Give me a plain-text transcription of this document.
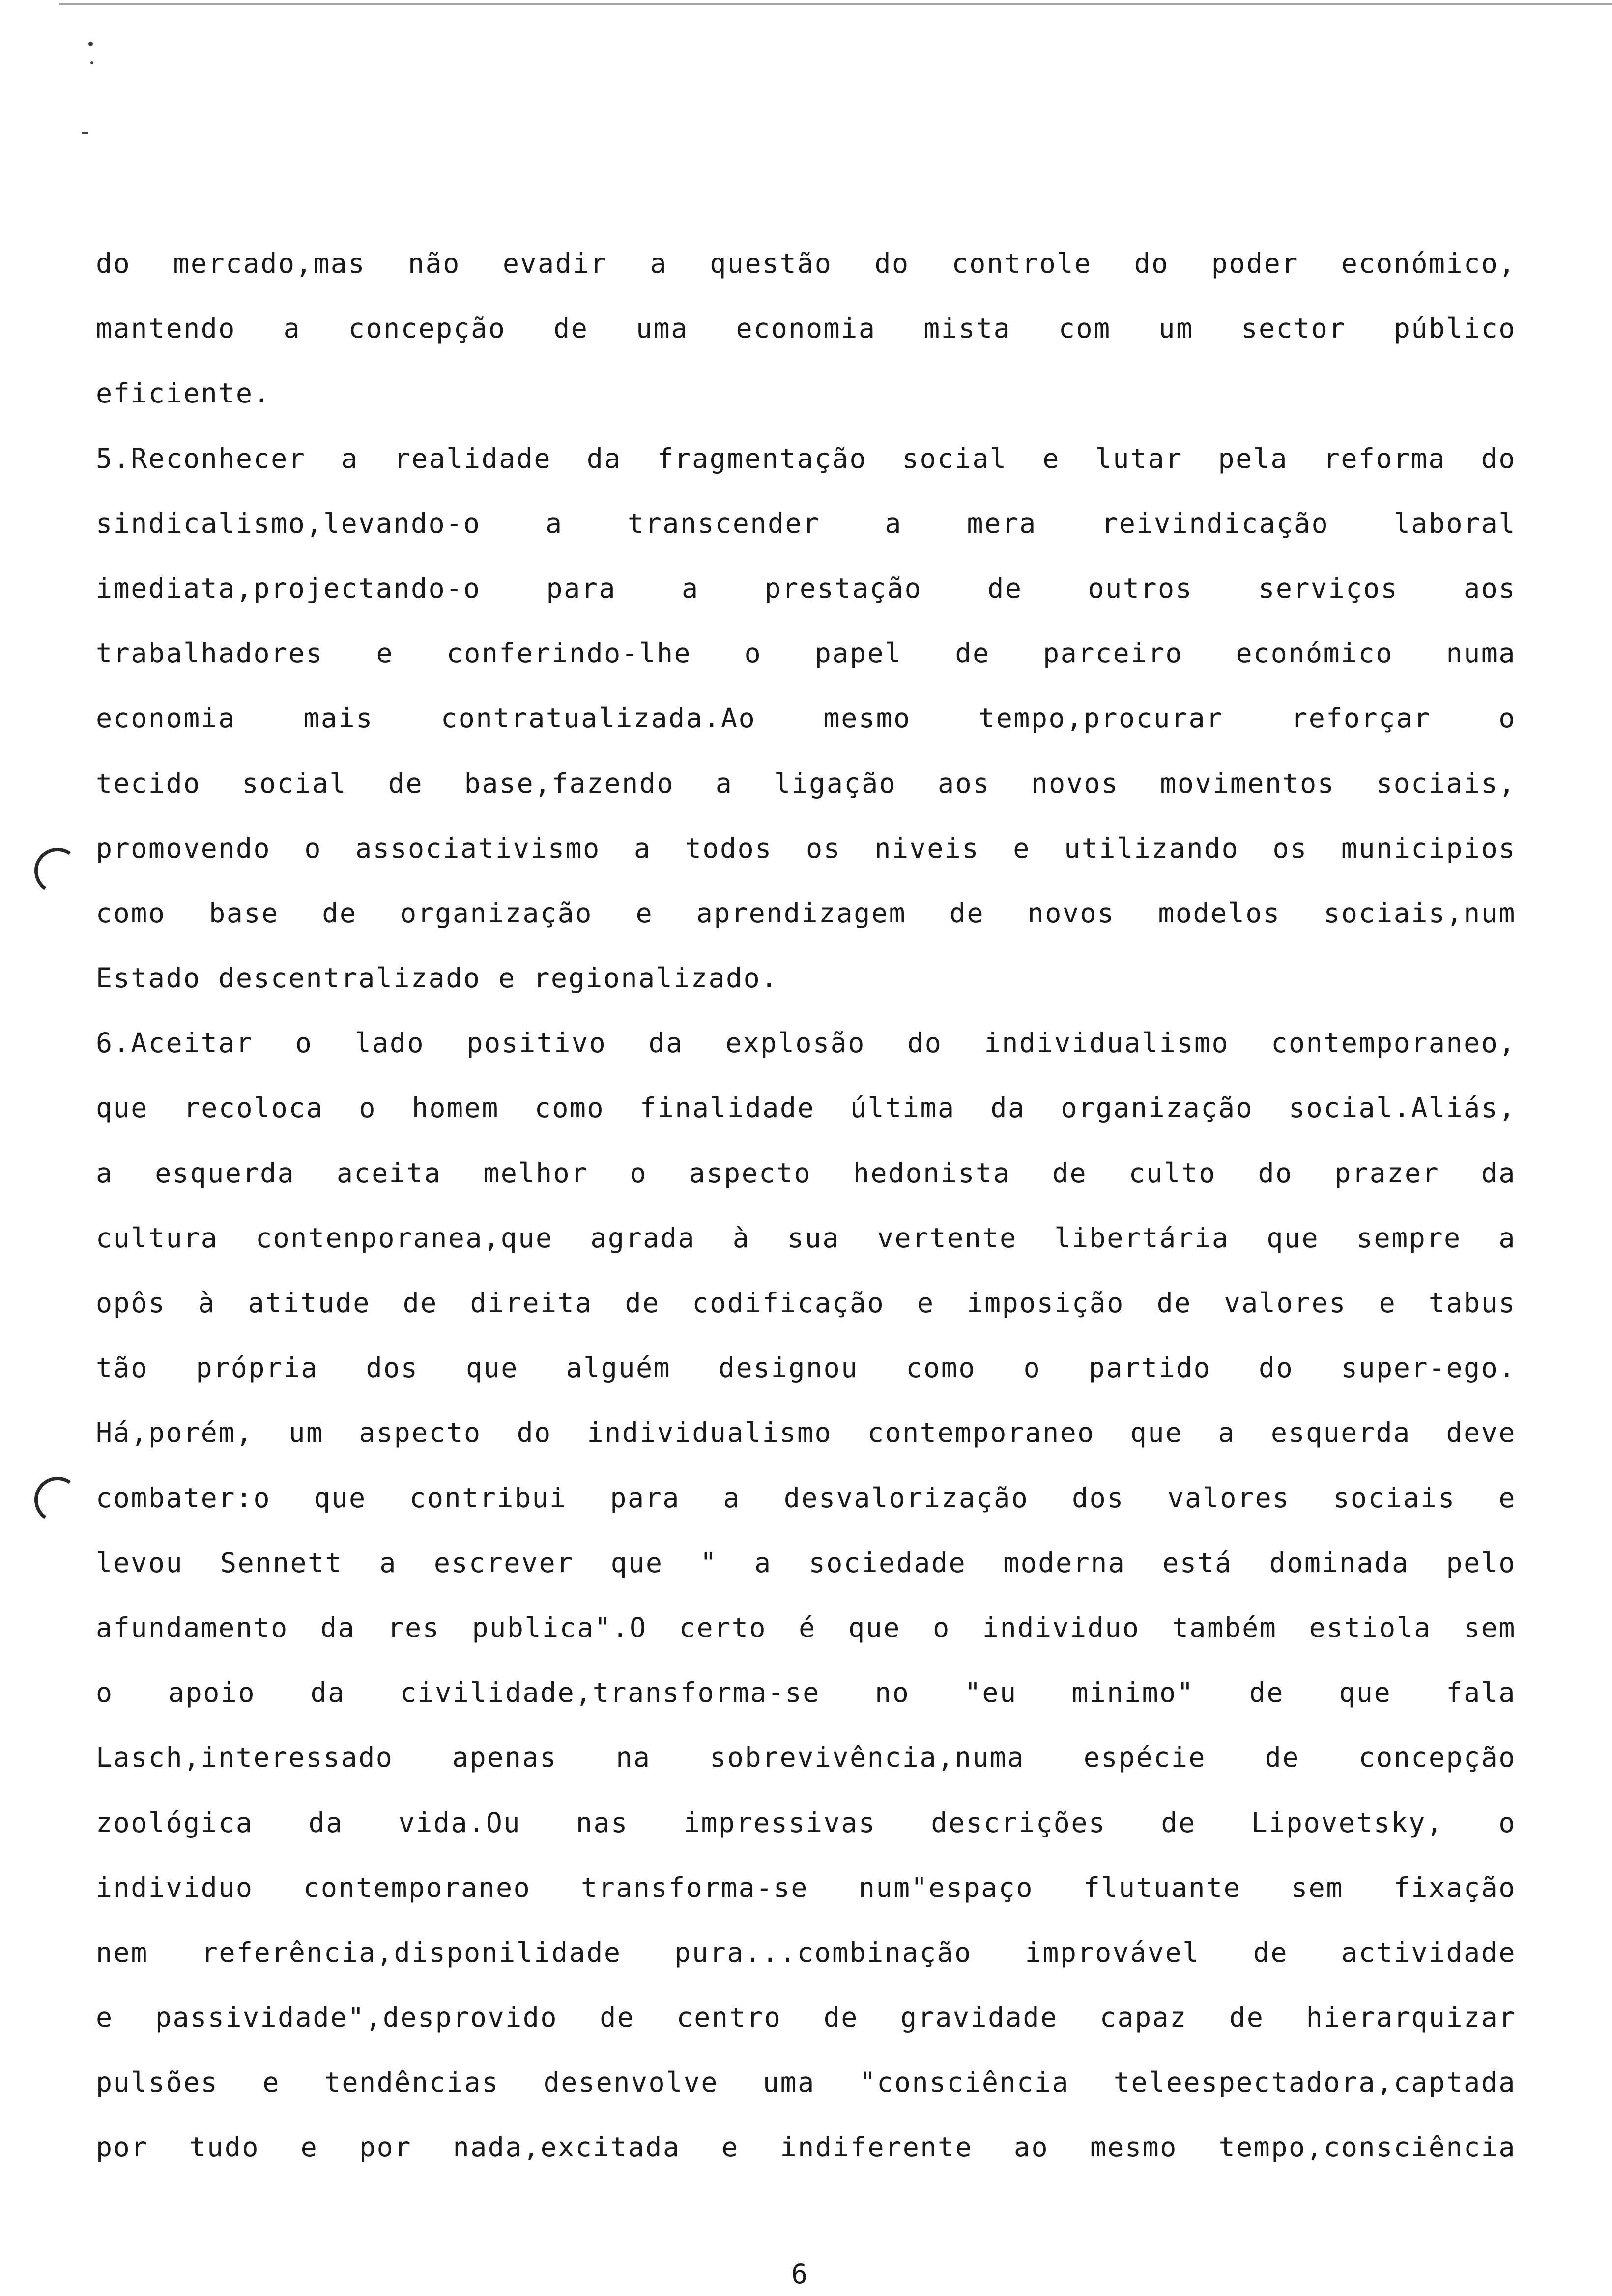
do mercado,mas não evadir a questão do controle do poder económico,
mantendo a concepção de uma economia mista com um sector público
eficiente.
5.Reconhecer a realidade da fragmentação social e lutar pela reforma do
sindicalismo,levando-o a transcender a mera reivindicação laboral
imediata,projectando-o para a prestação de outros serviços aos
trabalhadores e conferindo-lhe o papel de parceiro económico numa
economia mais contratualizada.Ao mesmo tempo,procurar reforçar o
tecido social de base,fazendo a ligação aos novos movimentos sociais,
promovendo o associativismo a todos os niveis e utilizando os municipios
como base de organização e aprendizagem de novos modelos sociais,num
Estado descentralizado e regionalizado.
6.Aceitar o lado positivo da explosão do individualismo contemporaneo,
que recoloca o homem como finalidade última da organização social.Aliás,
a esquerda aceita melhor o aspecto hedonista de culto do prazer da
cultura contenporanea,que agrada à sua vertente libertária que sempre a
opôs à atitude de direita de codificação e imposição de valores e tabus
tão própria dos que alguém designou como o partido do super-ego.
Há,porém, um aspecto do individualismo contemporaneo que a esquerda deve
combater:o que contribui para a desvalorização dos valores sociais e
levou Sennett a escrever que " a sociedade moderna está dominada pelo
afundamento da res publica".O certo é que o individuo também estiola sem
o apoio da civilidade,transforma-se no "eu minimo" de que fala
Lasch,interessado apenas na sobrevivência,numa espécie de concepção
zoológica da vida.Ou nas impressivas descrições de Lipovetsky, o
individuo contemporaneo transforma-se num"espaço flutuante sem fixação
nem referência,disponilidade pura...combinação improvável de actividade
e passividade",desprovido de centro de gravidade capaz de hierarquizar
pulsões e tendências desenvolve uma "consciência teleespectadora,captada
por tudo e por nada,excitada e indiferente ao mesmo tempo,consciência
6
